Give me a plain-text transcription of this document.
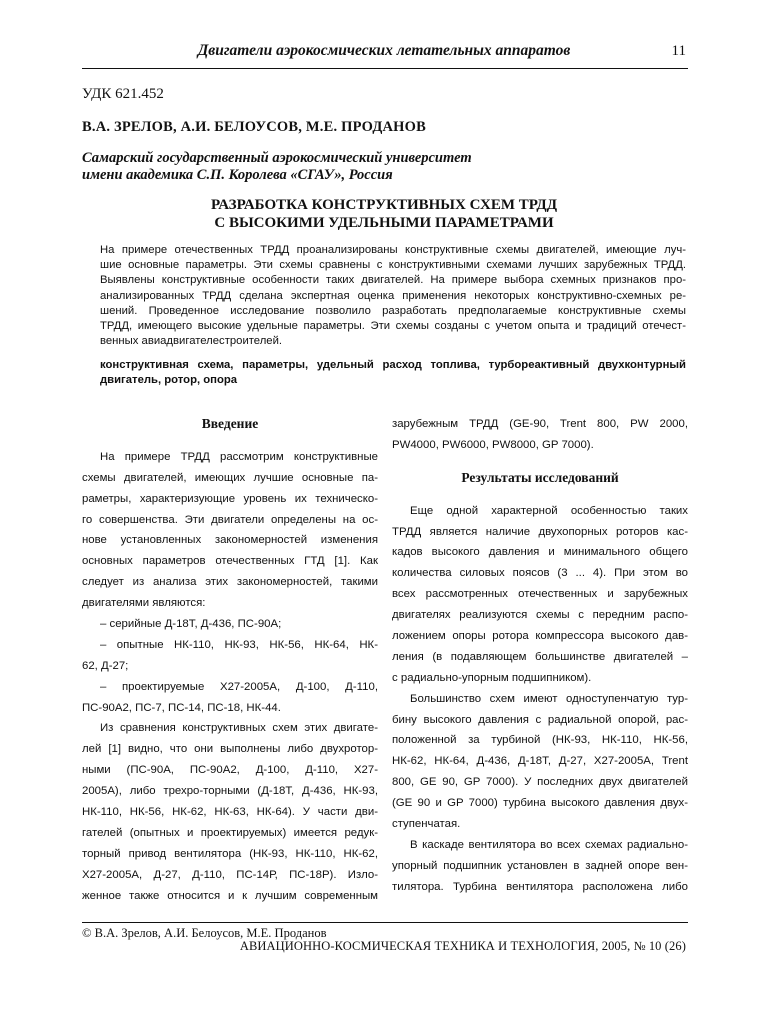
Двигатели аэрокосмических летательных аппаратов	11
УДК 621.452
В.А. ЗРЕЛОВ, А.И. БЕЛОУСОВ, М.Е. ПРОДАНОВ
Самарский государственный аэрокосмический университет
имени академика С.П. Королева «СГАУ», Россия
РАЗРАБОТКА КОНСТРУКТИВНЫХ СХЕМ ТРДД
С ВЫСОКИМИ УДЕЛЬНЫМИ ПАРАМЕТРАМИ
На примере отечественных ТРДД проанализированы конструктивные схемы двигателей, имеющие луч-
шие основные параметры. Эти схемы сравнены с конструктивными схемами лучших зарубежных ТРДД.
Выявлены конструктивные особенности таких двигателей. На примере выбора схемных признаков про-
анализированных ТРДД сделана экспертная оценка применения некоторых конструктивно-схемных ре-
шений. Проведенное исследование позволило разработать предполагаемые конструктивные схемы
ТРДД, имеющего высокие удельные параметры. Эти схемы созданы с учетом опыта и традиций отечест-
венных авиадвигателестроителей.
конструктивная схема, параметры, удельный расход топлива, турбореактивный двухконтурный
двигатель, ротор, опора
Введение
На примере ТРДД рассмотрим конструктивные
схемы двигателей, имеющих лучшие основные па-
раметры, характеризующие уровень их техническо-
го совершенства. Эти двигатели определены на ос-
нове установленных закономерностей изменения
основных параметров отечественных ГТД [1]. Как
следует из анализа этих закономерностей, такими
двигателями являются:
– серийные Д-18Т, Д-436, ПС-90А;
– опытные НК-110, НК-93, НК-56, НК-64, НК-
62, Д-27;
– проектируемые Х27-2005А, Д-100, Д-110,
ПС-90А2, ПС-7, ПС-14, ПС-18, НК-44.
Из сравнения конструктивных схем этих двигате-
лей [1] видно, что они выполнены либо двухротор-
ными (ПС-90А, ПС-90А2, Д-100, Д-110, Х27-
2005А), либо трехро-торными (Д-18Т, Д-436, НК-93,
НК-110, НК-56, НК-62, НК-63, НК-64). У части дви-
гателей (опытных и проектируемых) имеется редук-
торный привод вентилятора (НК-93, НК-110, НК-62,
Х27-2005А, Д-27, Д-110, ПС-14Р, ПС-18Р). Изло-
женное также относится и к лучшим современным
зарубежным ТРДД (GE-90, Trent 800, PW 2000,
PW4000, PW6000, PW8000, GP 7000).
Результаты исследований
Еще одной характерной особенностью таких
ТРДД является наличие двухопорных роторов кас-
кадов высокого давления и минимального общего
количества силовых поясов (3 ... 4). При этом во
всех рассмотренных отечественных и зарубежных
двигателях реализуются схемы с передним распо-
ложением опоры ротора компрессора высокого дав-
ления (в подавляющем большинстве двигателей –
с радиально-упорным подшипником).
Большинство схем имеют одноступенчатую тур-
бину высокого давления с радиальной опорой, рас-
положенной за турбиной (НК-93, НК-110, НК-56,
НК-62, НК-64, Д-436, Д-18Т, Д-27, Х27-2005А, Trent
800, GE 90, GP 7000). У последних двух двигателей
(GE 90 и GP 7000) турбина высокого давления двух-
ступенчатая.
В каскаде вентилятора во всех схемах радиально-
упорный подшипник установлен в задней опоре вен-
тилятора. Турбина вентилятора расположена либо
© В.А. Зрелов, А.И. Белоусов, М.Е. Проданов
АВИАЦИОННО-КОСМИЧЕСКАЯ ТЕХНИКА И ТЕХНОЛОГИЯ, 2005, № 10 (26)
